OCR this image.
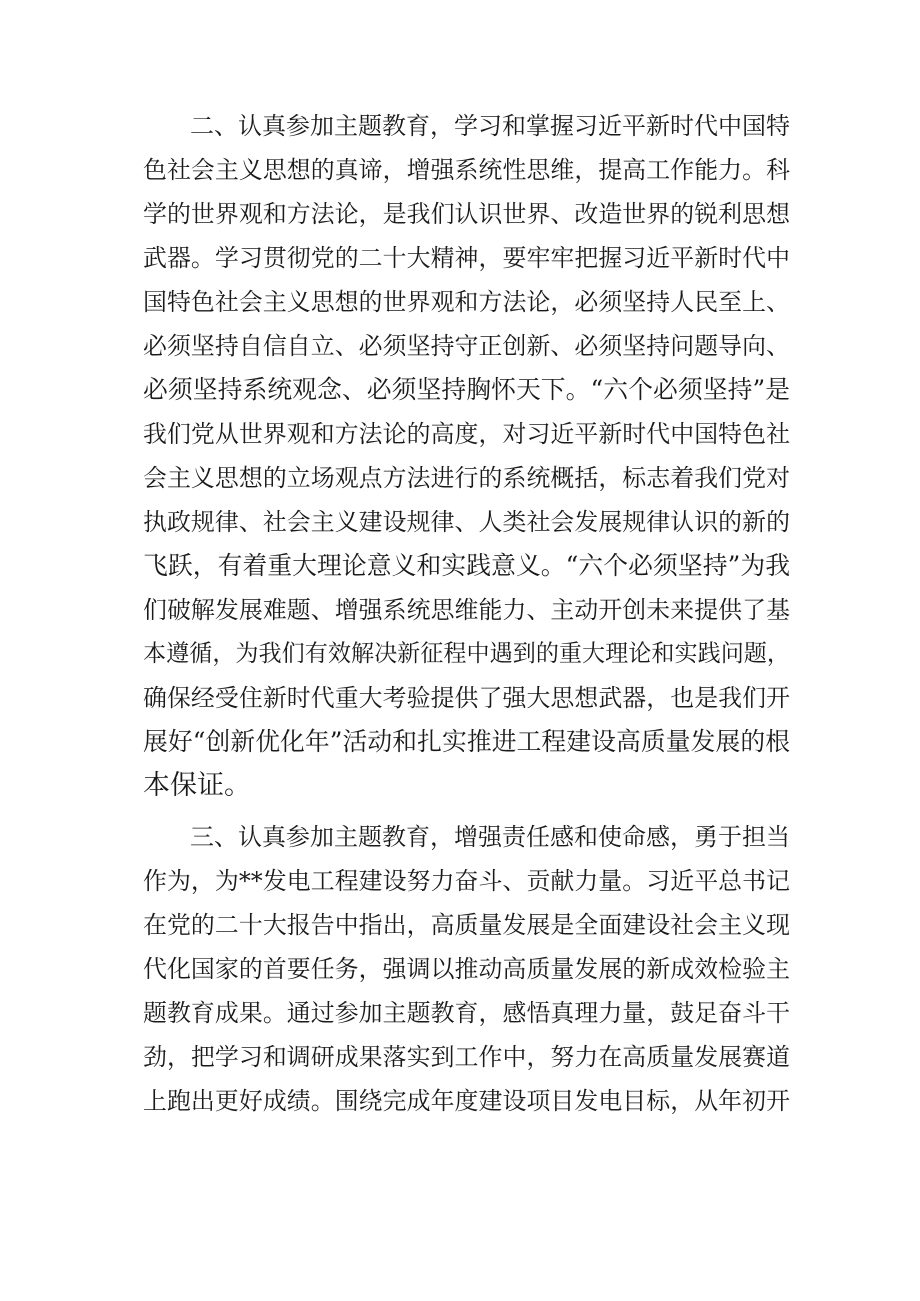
二、认真参加主题教育，学习和掌握习近平新时代中国特
色社会主义思想的真谛，增强系统性思维，提高工作能力。科
学的世界观和方法论，是我们认识世界、改造世界的锐利思想
武器。学习贯彻党的二十大精神，要牢牢把握习近平新时代中
国特色社会主义思想的世界观和方法论，必须坚持人民至上、
必须坚持自信自立、必须坚持守正创新、必须坚持问题导向、
必须坚持系统观念、必须坚持胸怀天下。“六个必须坚持”是
我们党从世界观和方法论的高度，对习近平新时代中国特色社
会主义思想的立场观点方法进行的系统概括，标志着我们党对
执政规律、社会主义建设规律、人类社会发展规律认识的新的
飞跃，有着重大理论意义和实践意义。“六个必须坚持”为我
们破解发展难题、增强系统思维能力、主动开创未来提供了基
本遵循，为我们有效解决新征程中遇到的重大理论和实践问题，
确保经受住新时代重大考验提供了强大思想武器，也是我们开
展好“创新优化年”活动和扎实推进工程建设高质量发展的根
本保证。
三、认真参加主题教育，增强责任感和使命感，勇于担当
作为，为**发电工程建设努力奋斗、贡献力量。习近平总书记
在党的二十大报告中指出，高质量发展是全面建设社会主义现
代化国家的首要任务，强调以推动高质量发展的新成效检验主
题教育成果。通过参加主题教育，感悟真理力量，鼓足奋斗干
劲，把学习和调研成果落实到工作中，努力在高质量发展赛道
上跑出更好成绩。围绕完成年度建设项目发电目标，从年初开
